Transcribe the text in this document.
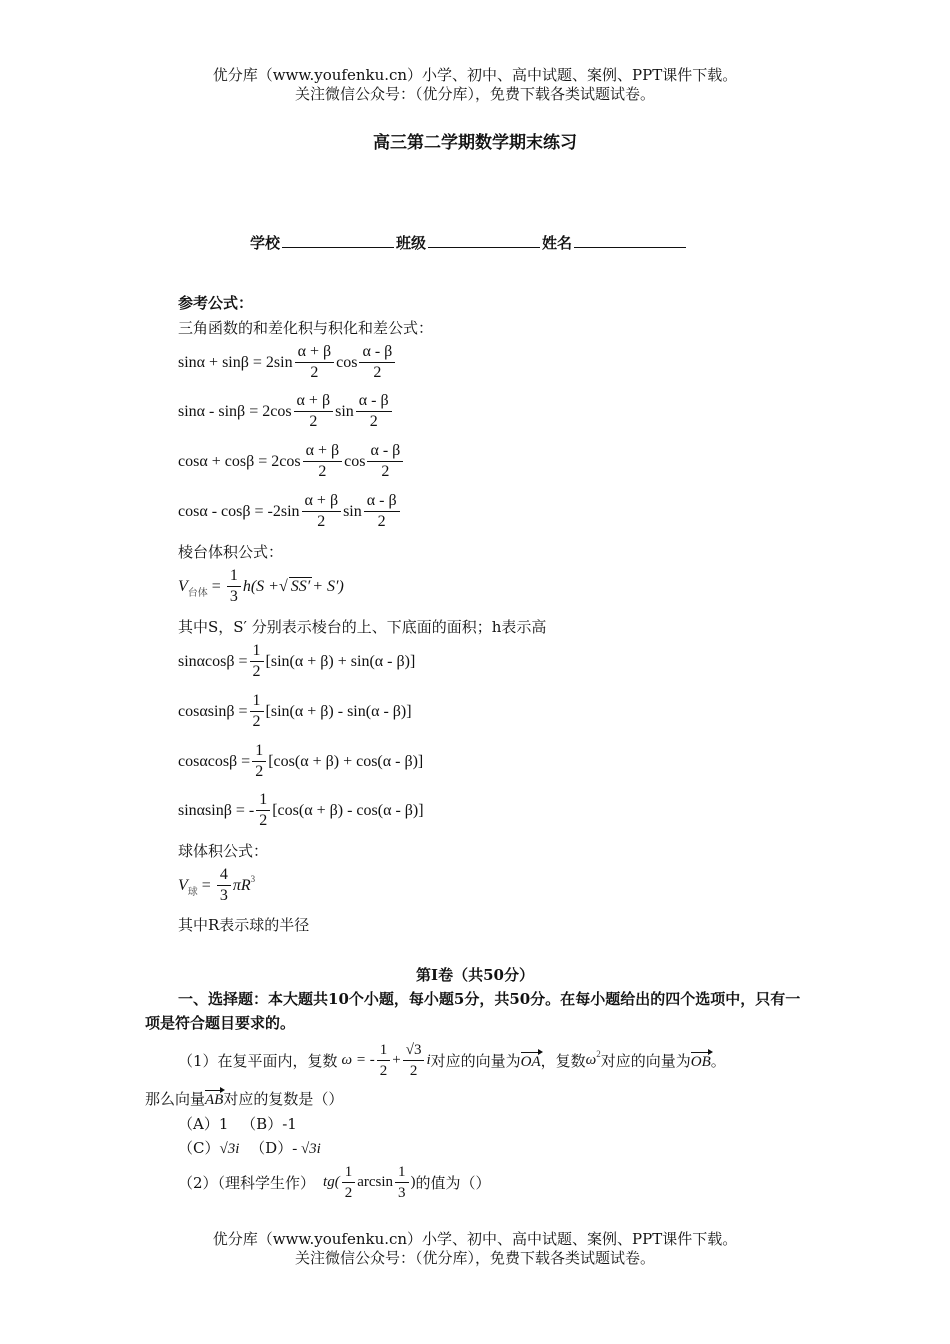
优分库（www.youfenku.cn）小学、初中、高中试题、案例、PPT课件下载。
关注微信公众号：（优分库），免费下载各类试题试卷。
高三第二学期数学期末练习
学校	班级	姓名
参考公式：
三角函数的和差化积与积化和差公式：
$\sin\alpha + \sin\beta = 2\sin \frac{\alpha + \beta}{2}$ $\cos \frac{\alpha - \beta}{2}$
$\sin\alpha - \sin\beta = 2\cos \frac{\alpha + \beta}{2}$ $\sin \frac{\alpha - \beta}{2}$
$\cos\alpha + \cos\beta = 2\cos \frac{\alpha + \beta}{2}$ $\cos \frac{\alpha - \beta}{2}$
$\cos\alpha - \cos\beta = -2\sin \frac{\alpha + \beta}{2}$ $\sin \frac{\alpha - \beta}{2}$
棱台体积公式：
V 台体 = $\frac{1}{3} h(S$ + √ SS′ + S′)
其中S，S′ 分别表示棱台的上、下底面的面积；h表示高
$\sin\alpha\cos\beta = \frac{1}{2} [\sin(\alpha + \beta) + \sin(\alpha - \beta)]$
$\cos\alpha\sin\beta = \frac{1}{2} [\sin(\alpha + \beta) - \sin(\alpha - \beta)]$
$\cos\alpha\cos\beta = \frac{1}{2} [\cos(\alpha + \beta) + \cos(\alpha - \beta)]$
sinαsinβ = - $\frac{1}{2} [\cos(\alpha + \beta) - \cos(\alpha - \beta)]$
球体积公式：
V 球 = $\frac{4}{3}$ πR 3
其中R表示球的半径
第I卷（共50分）
一、选择题：本大题共10个小题，每小题5分，共50分。在每小题给出的四个选项中，只有一项是符合题目要求的。
（1）在复平面内，复数 ω = - $\frac{1}{2} + \frac{√3}{2}$ i 对应的向量为 OA ，复数 ω 2 对应的向量为 OB 。
那么向量AB对应的复数是（）
（A）1 （B）-1
（C）√3i （D）- √3i
（2）（理科学生作） $tg( \frac{1}{2}$ $\arcsin \frac{1}{3}$ ) 的值为（）
优分库（www.youfenku.cn）小学、初中、高中试题、案例、PPT课件下载。
关注微信公众号：（优分库），免费下载各类试题试卷。
